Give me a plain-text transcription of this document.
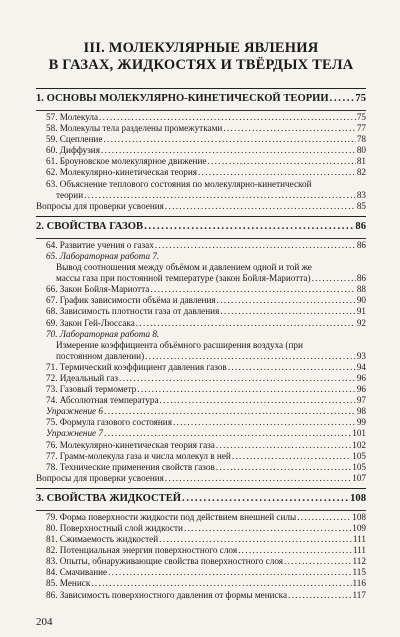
III. МОЛЕКУЛЯРНЫЕ ЯВЛЕНИЯ
В ГАЗАХ, ЖИДКОСТЯХ И ТВЁРДЫХ ТЕЛА
1. ОСНОВЫ МОЛЕКУЛЯРНО-КИНЕТИЧЕСКОЙ ТЕОРИИ . . .	75
57. Молекула . . .	75
58. Молекулы тела разделены промежутками . . .	77
59. Сцепление . . .	78
60. Диффузия . . .	80
61. Броуновское молекулярное движение . . .	81
62. Молекулярно-кинетическая теория . . .	82
63. Объяснение теплового состояния по молекулярно-кинетической
теории . . .	83
Вопросы для проверки усвоения . . .	85
2. СВОЙСТВА ГАЗОВ . . .	86
64. Развитие учения о газах . . .	86
65. Лабораторная работа 7.
Вывод соотношения между объёмом и давлением одной и той же
массы газа при постоянной температуре (закон Бойля-Мариотта) . . .	86
66. Закон Бойля-Мариотта . . .	88
67. График зависимости объёма и давления . . .	90
68. Зависимость плотности газа от давления . . .	91
69. Закон Гей-Люссака . . .	92
70. Лабораторная работа 8.
Измерение коэффициента объёмного расширения воздуха (при
постоянном давлении) . . .	93
71. Термический коэффициент давления газов . . .	94
72. Идеальный газ . . .	96
73. Газовый термометр . . .	96
74. Абсолютная температура . . .	97
Упражнение 6 . . .	98
75. Формула газового состояния . . .	99
Упражнение 7 . . .	101
76. Молекулярно-кинетическая теория газа . . .	102
77. Грамм-молекула газа и числа молекул в ней . . .	105
78. Технические применения свойств газов . . .	105
Вопросы для проверки усвоения . . .	107
3. СВОЙСТВА ЖИДКОСТЕЙ . . .	108
79. Форма поверхности жидкости под действием внешней силы . . .	108
80. Поверхностный слой жидкости . . .	109
81. Сжимаемость жидкостей . . .	111
82. Потенциальная энергия поверхностного слоя . . .	111
83. Опыты, обнаруживающие свойства поверхностного слоя . . .	112
84. Смачивание . . .	115
85. Мениск . . .	116
86. Зависимость поверхностного давления от формы мениска . . .	117
204
